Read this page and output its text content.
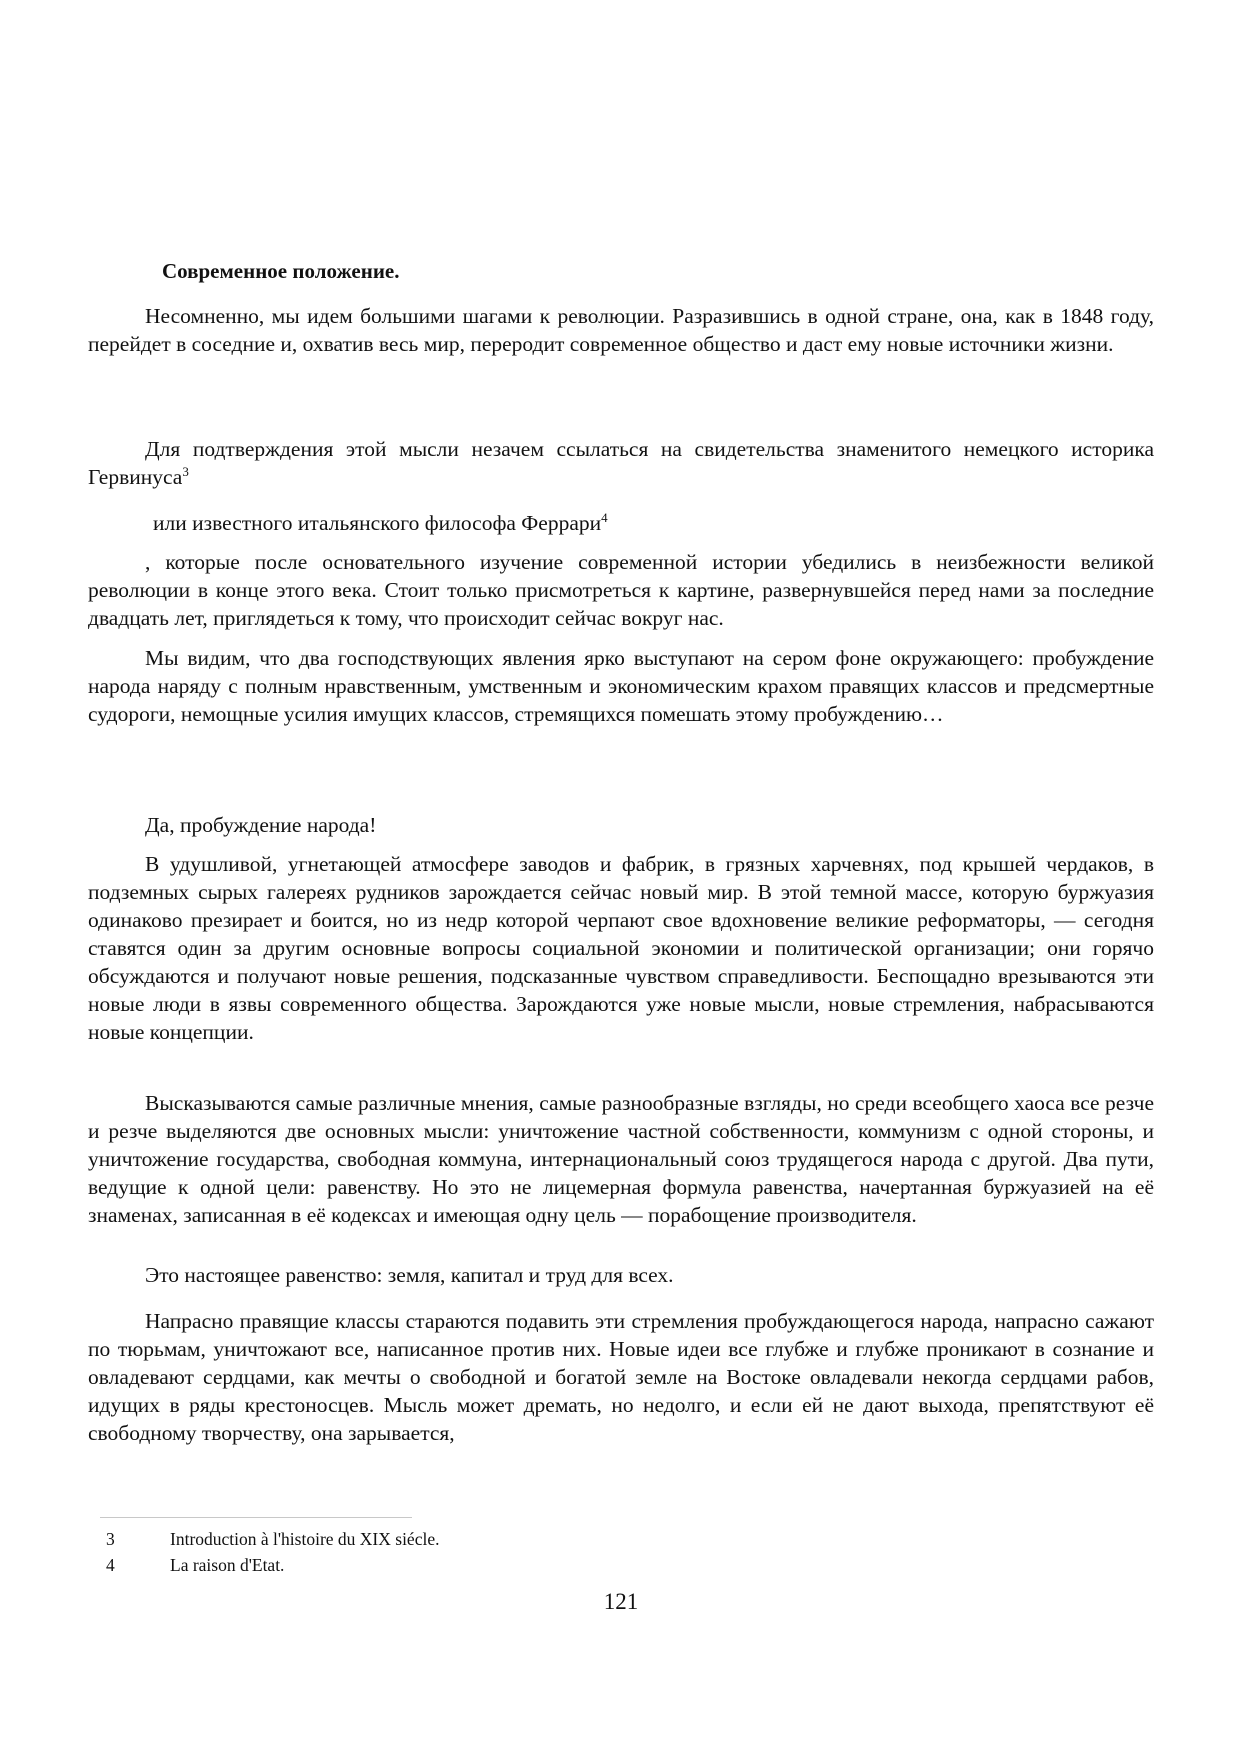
Современное положение.

Несомненно, мы идем большими шагами к революции. Разразившись в одной стране, она, как в 1848 году, перейдет в соседние и, охватив весь мир, переродит современное общество и даст ему новые источники жизни.

Для подтверждения этой мысли незачем ссылаться на свидетельства знаменитого немецкого историка Гервинуса$^3$

или известного итальянского философа Феррари$^4$

, которые после основательного изучение современной истории убедились в неизбежности великой революции в конце этого века. Стоит только присмотреться к картине, развернувшейся перед нами за последние двадцать лет, приглядеться к тому, что происходит сейчас вокруг нас.

Мы видим, что два господствующих явления ярко выступают на сером фоне окружающего: пробуждение народа наряду с полным нравственным, умственным и экономическим крахом правящих классов и предсмертные судороги, немощные усилия имущих классов, стремящихся помешать этому пробуждению…

Да, пробуждение народа!

В удушливой, угнетающей атмосфере заводов и фабрик, в грязных харчевнях, под крышей чердаков, в подземных сырых галереях рудников зарождается сейчас новый мир. В этой темной массе, которую буржуазия одинаково презирает и боится, но из недр которой черпают свое вдохновение великие реформаторы, — сегодня ставятся один за другим основные вопросы социальной экономии и политической организации; они горячо обсуждаются и получают новые решения, подсказанные чувством справедливости. Беспощадно врезываются эти новые люди в язвы современного общества. Зарождаются уже новые мысли, новые стремления, набрасываются новые концепции.

Высказываются самые различные мнения, самые разнообразные взгляды, но среди всеобщего хаоса все резче и резче выделяются две основных мысли: уничтожение частной собственности, коммунизм с одной стороны, и уничтожение государства, свободная коммуна, интернациональный союз трудящегося народа с другой. Два пути, ведущие к одной цели: равенству. Но это не лицемерная формула равенства, начертанная буржуазией на её знаменах, записанная в её кодексах и имеющая одну цель — порабощение производителя.

Это настоящее равенство: земля, капитал и труд для всех.

Напрасно правящие классы стараются подавить эти стремления пробуждающегося народа, напрасно сажают по тюрьмам, уничтожают все, написанное против них. Новые идеи все глубже и глубже проникают в сознание и овладевают сердцами, как мечты о свободной и богатой земле на Востоке овладевали некогда сердцами рабов, идущих в ряды крестоносцев. Мысль может дремать, но недолго, и если ей не дают выхода, препятствуют её свободному творчеству, она зарывается,

3	Introduction à l'histoire du XIX siécle.

4	La raison d'Etat.

121
